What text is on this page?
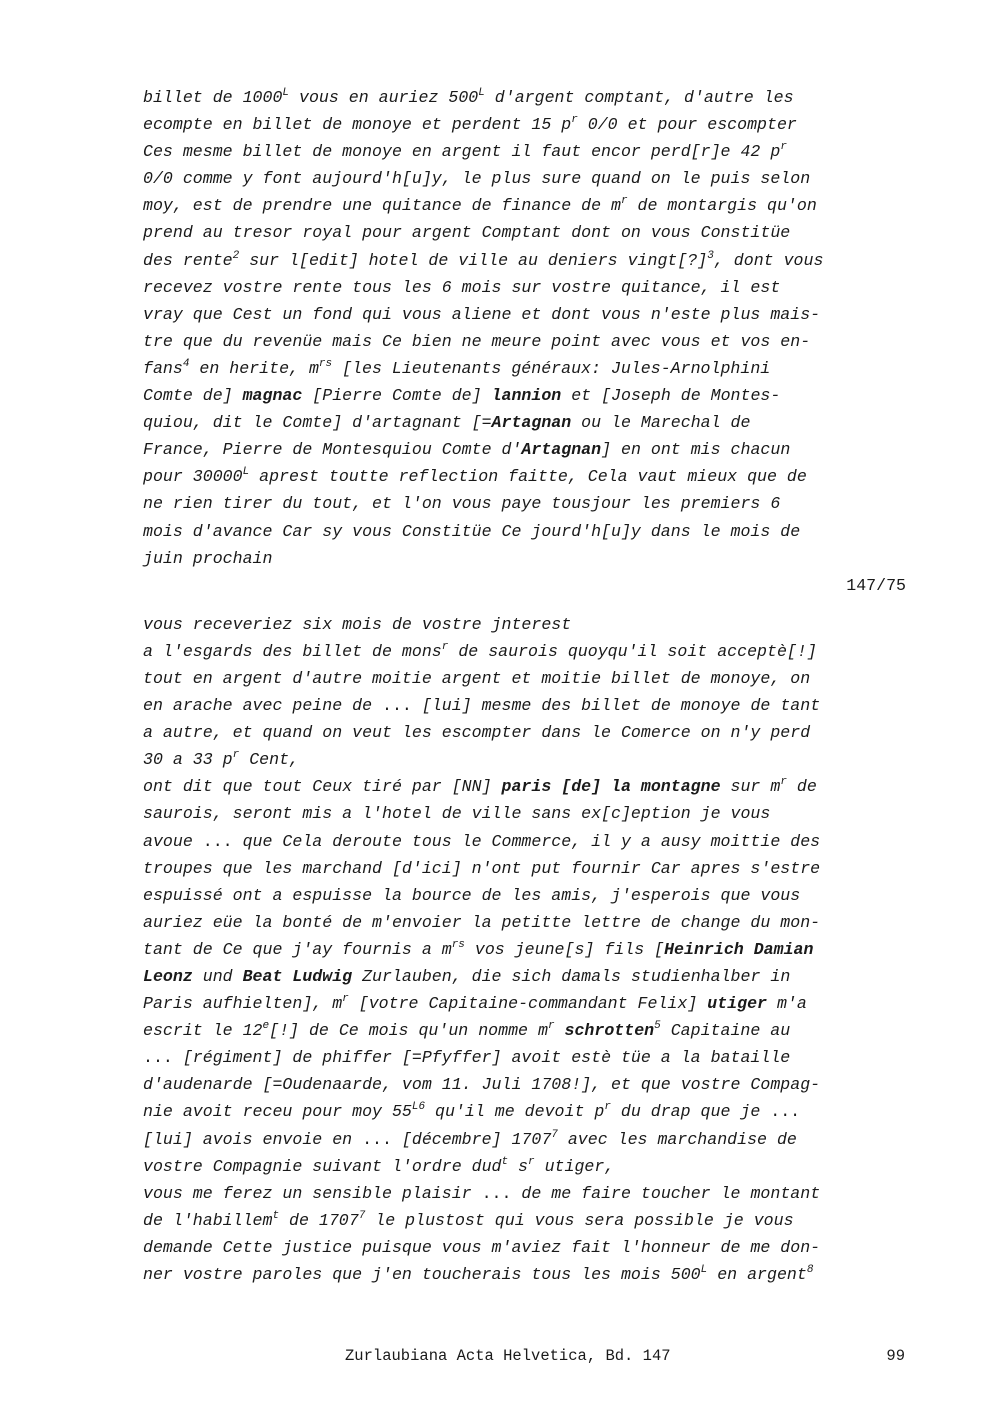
billet de $1000^L$ vous en auriez $500^L$ d'argent comptant, d'autre les
ecompte en billet de monoye et perdent 15 $p^r$ 0/0 et pour escompter
Ces mesme billet de monoye en argent il faut encor perd[r]e 42 $p^r$
0/0 comme y font aujourd'h[u]y, le plus sure quand on le puis selon
moy, est de prendre une quitance de finance de $m^r$ de montargis qu'on
prend au tresor royal pour argent Comptant dont on vous Constitüe
des rente$^2$ sur l[edit] hotel de ville au deniers vingt[?]$^3$, dont vous
recevez vostre rente tous les 6 mois sur vostre quitance, il est
vray que Cest un fond qui vous aliene et dont vous n'este plus mais-
tre que du revenüe mais Ce bien ne meure point avec vous et vos en-
fans$^4$ en herite, $m^{rs}$ [les Lieutenants généraux: Jules-Arnolphini
Comte de] magnac [Pierre Comte de] lannion et [Joseph de Montes-
quiou, dit le Comte] d'artagnant [=Artagnan ou le Marechal de
France, Pierre de Montesquiou Comte d'Artagnan] en ont mis chacun
pour $30000^L$ aprest toutte reflection faitte, Cela vaut mieux que de
ne rien tirer du tout, et l'on vous paye tousjour les premiers 6
mois d'avance Car sy vous Constitüe Ce jourd'h[u]y dans le mois de
juin prochain
147/75
vous receveriez six mois de vostre jnterest
a l'esgards des billet de mons$^r$ de saurois quoyqu'il soit acceptè[!]
tout en argent d'autre moitie argent et moitie billet de monoye, on
en arache avec peine de ... [lui] mesme des billet de monoye de tant
a autre, et quand on veut les escompter dans le Comerce on n'y perd
30 a 33 $p^r$ Cent,
ont dit que tout Ceux tiré par [NN] paris [de] la montagne sur $m^r$ de
saurois, seront mis a l'hotel de ville sans ex[c]eption je vous
avoue ... que Cela deroute tous le Commerce, il y a ausy moittie des
troupes que les marchand [d'ici] n'ont put fournir Car apres s'estre
espuissé ont a espuisse la bource de les amis, j'esperois que vous
auriez eüe la bonté de m'envoier la petitte lettre de change du mon-
tant de Ce que j'ay fournis a $m^{rs}$ vos jeune[s] fils [Heinrich Damian
Leonz und Beat Ludwig Zurlauben, die sich damals studienhalber in
Paris aufhielten], $m^r$ [votre Capitaine-commandant Felix] utiger m'a
escrit le 12e[!] de Ce mois qu'un nomme $m^r$ schrotten$^5$ Capitaine au
... [régiment] de phiffer [=Pfyffer] avoit estè tüe a la bataille
d'audenarde [=Oudenaarde, vom 11. Juli 1708!], et que vostre Compag-
nie avoit receu pour moy $55^{L6}$ qu'il me devoit $p^r$ du drap que je ...
[lui] avois envoie en ... [décembre] 1707$^7$ avec les marchandise de
vostre Compagnie suivant l'ordre dud$^t$ $s^r$ utiger,
vous me ferez un sensible plaisir ... de me faire toucher le montant
de l'habillem$^t$ de 1707$^7$ le plustost qui vous sera possible je vous
demande Cette justice puisque vous m'aviez fait l'honneur de me don-
ner vostre paroles que j'en toucherais tous les mois $500^L$ en argent$^8$
Zurlaubiana Acta Helvetica, Bd. 147	99
